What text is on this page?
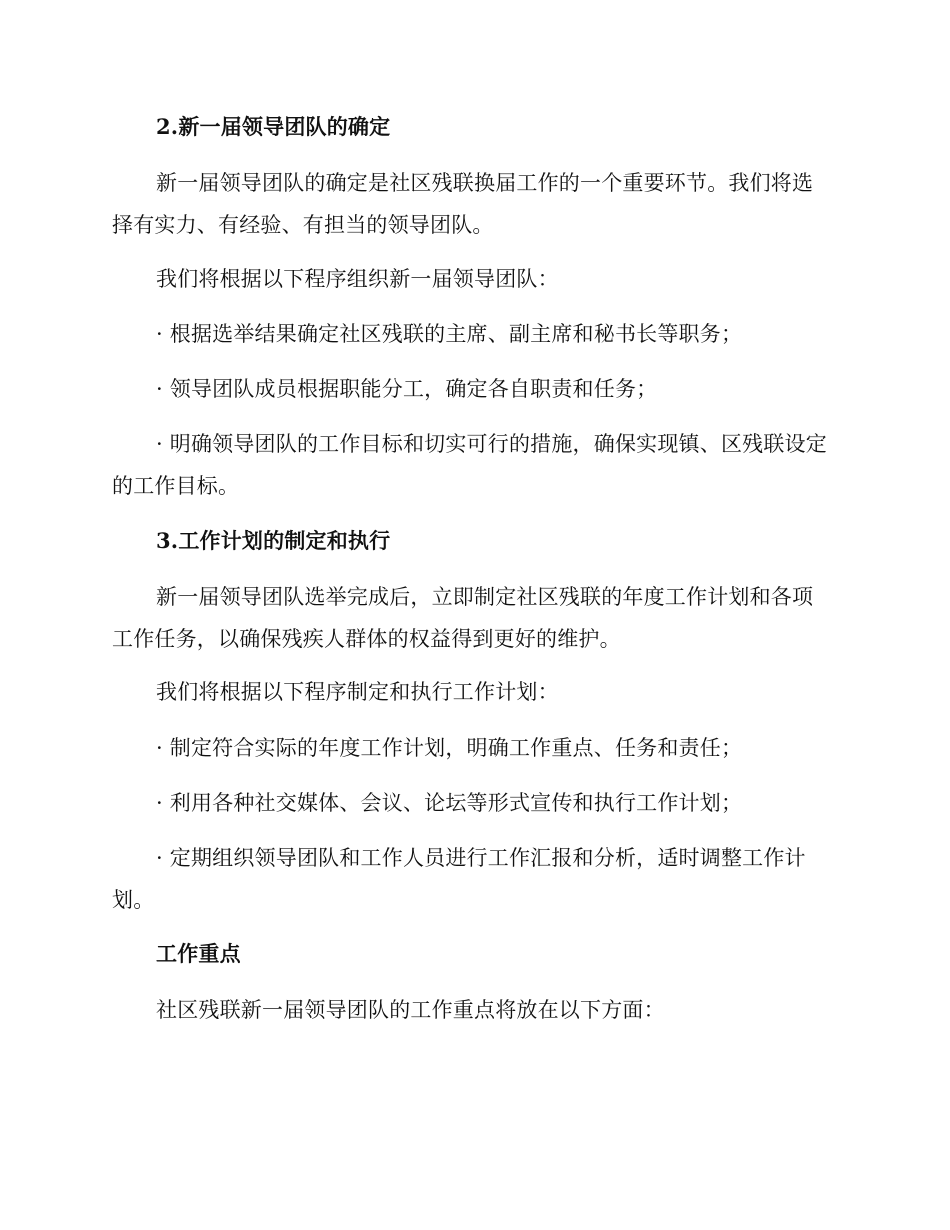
2.新一届领导团队的确定

新一届领导团队的确定是社区残联换届工作的一个重要环节。我们将选择有实力、有经验、有担当的领导团队。

我们将根据以下程序组织新一届领导团队：

· 根据选举结果确定社区残联的主席、副主席和秘书长等职务；

· 领导团队成员根据职能分工，确定各自职责和任务；

· 明确领导团队的工作目标和切实可行的措施，确保实现镇、区残联设定的工作目标。

3.工作计划的制定和执行

新一届领导团队选举完成后，立即制定社区残联的年度工作计划和各项工作任务，以确保残疾人群体的权益得到更好的维护。

我们将根据以下程序制定和执行工作计划：

· 制定符合实际的年度工作计划，明确工作重点、任务和责任；

· 利用各种社交媒体、会议、论坛等形式宣传和执行工作计划；

· 定期组织领导团队和工作人员进行工作汇报和分析，适时调整工作计划。

工作重点

社区残联新一届领导团队的工作重点将放在以下方面：
